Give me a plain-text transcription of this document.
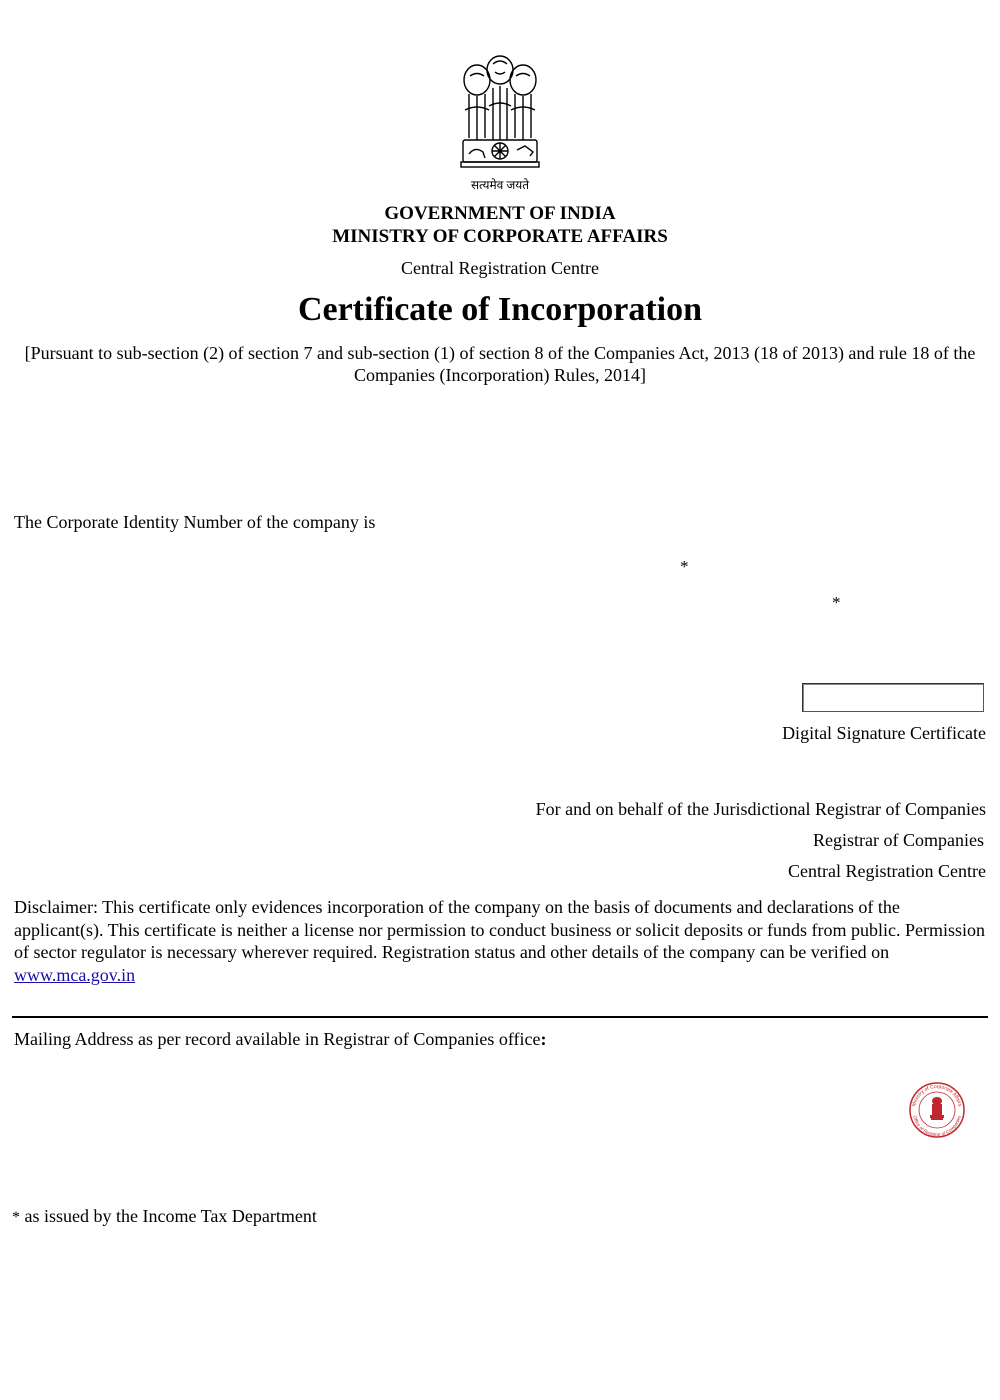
सत्यमेव जयते
GOVERNMENT OF INDIA
MINISTRY OF CORPORATE AFFAIRS
Central Registration Centre
Certificate of Incorporation
[Pursuant to sub-section (2) of section 7 and sub-section (1) of section 8 of the Companies Act, 2013 (18 of 2013) and rule 18 of the Companies (Incorporation) Rules, 2014]
The Corporate Identity Number of the company is
*
*
Digital Signature Certificate
For and on behalf of the Jurisdictional Registrar of Companies
Registrar of Companies
Central Registration Centre
Disclaimer: This certificate only evidences incorporation of the company on the basis of documents and declarations of the applicant(s). This certificate is neither a license nor permission to conduct business or solicit deposits or funds from public. Permission of sector regulator is necessary wherever required. Registration status and other details of the company can be verified on www.mca.gov.in
Mailing Address as per record available in Registrar of Companies office:
Ministry of Corporate Affairs
Office of Registrar of Companies
* as issued by the Income Tax Department
